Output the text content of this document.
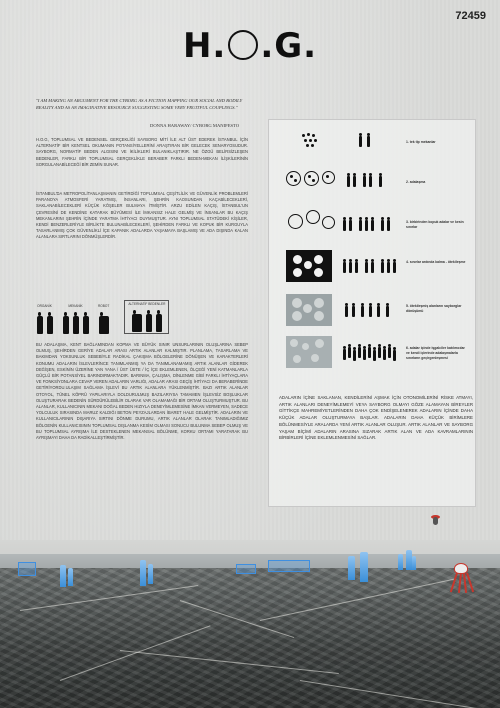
72459
H. .G.
"I AM MAKING AN ARGUMENT FOR THE CYBORG AS A FICTION MAPPING OUR SOCIAL AND BODILY REALITY AND AS AN IMAGINATIVE RESOURCE SUGGESTING SOME VERY FRUITFUL COUPLINGS."
DONNA HARAWAY/ CYBORG MANIFESTO
H.O.G, TOPLUMSAL VE BEDENSEL GERÇEKLİĞİ SAYBORG MİTİ İLE ALT ÜST EDEREK İSTANBUL İÇİN ALTERNATİF BİR KENTSEL OKUMANIN POTANSİYELLERİNİ ARAŞTIRAN BİR GELECEK SENARYOSUDUR. SAYBORG, NORMATİF BEDEN ALGISINI VE İKİLİKLERİ BULANIKLAŞTIRIR. NE ÖZGÜ BELİRSİZLEŞEN BEDENLER, FARKLI BİR TOPLUMSAL GERÇEKLİKLE BERABER FARKLI BEDEN-MEKAN İLİŞKİLERİNİN SORGULANABİLECEĞİ BİR ZEMİN SUNAR.
İSTANBUL'DA METROPOLİTANLAŞMANIN GETİRDİĞİ TOPLUMSAL ÇEŞİTLİLİK VE GÜVENLİK PROBLEMLERİ PARANOYA ATMOSFERİ YARATMIŞ, İNSANLARI, ŞEHRİN KAOSUNDAN KAÇABİLECEKLERİ, SAKLANABİLECEKLERİ KÜÇÜK KÖŞELER BULMAYA İTMİŞTİR. ARZU EDİLEN KAÇIŞ, İSTANBUL'UN ÇEVRESİNİ DE KENDİNE KATARAK BÜYÜMESİ İLE İMKANSIZ HALE GELMİŞ VE İNSANLAR BU KAÇIŞ MEKANLARINI ŞEHRİN İÇİNDE YARATMA İHTİYACI DUYMUŞTUR. AYNI TOPLUMSAL STATÜDEKİ KİŞİLER, KENDİ BENZERLERİYLE BİRLİKTE BULUNABİLECEKLERİ, ŞEHİRDEN FARKLI VE KOPUK BİR KURGUYLA TASARLANMIŞ ÇOK GÜVENLİKLİ İÇE KAPANIK ADALARDA YAŞAMAYA BAŞLAMIŞ VE ADA DIŞINDA KALAN ALANLARA SIRTLARINI DÖNMÜŞLERDİR.
ORGANİK	MEKANİK	ROBOT	ALTERNATİF BEDENLER
BU ADALAŞMA, KENT BAĞLAMINDAN KOPMA VE BÜYÜK SINIR UNSURLARININ OLUŞLARINA SEBEP OLMUŞ, ŞEHİRDEN GERİYE ADALAR ARASI ARTIK ALANLAR KALMIŞTIR. PLANLAMA, TASARLAMA VE BAKIMDAN YOKSUNLUK SEBEBİYLE RADİKAL ÇAKIŞMA BÖLGELERİNE DÖNÜŞEN VE KARAKTERLERİ KONUMU ADALARIN İSLEVLERİNCE TANIMLANMIŞ YA DA TANIMLANAMAMIŞ ARTIK ALANLAR GİDEREK DEĞİŞEN, ESKİNİN ÜZERİNE YAN YANA / ÜST ÜSTE / İÇ İÇE EKLEMLENEN, ÖLÇEĞİ YENİ KATMANLARLA GÜÇLÜ BİR POTANSİYEL BARINDIRMAKTADIR. BARINMA, ÇALIŞMA, DİNLENME GİBİ FARKLI İHTİYAÇLARA VE FONKSİYONLARA CEVAP VEREN ADALARIN VARLIĞI, ADALAR ARASI GEÇİŞ İHTİYACI DA BERABERİNDE GETİRİYORDU.ULAŞIM SAĞLAMA İŞLEVİ BU ARTIK ALANLARA YÜKLENMİŞTİR. BAZI ARTIK ALANLAR OTOYOL, TÜNEL KÖPRÜ YAPILARIYLA DOLDURULMUŞ BAZILARIYSA TAMAMEN İŞLEVSİZ BOŞLUKLAR OLUŞTURARAK BEDENİN SÜRDÜRÜLEBİLİR OLARAK VAR OLAMAMAĞI BİR ORTAM OLUŞTURMUŞTUR. BU ALANLAR, KULLANICININ MEKANI DOĞAL BEDEN HIZIYLA DENEYİMLEMESİNE İMKAN VERMEYEN, SADECE YOLCULUK SIRASINDA MARUZ KALDIĞI BETON PEYZAJLARDAN İBARET HALE GELMİŞTİR. ADALARIN VE KULLANICILARININ DIŞARIYA SIRTINI DÖNME DURUMU, ARTIK ALANLAR OLARAK TANIMLADIĞIMIZ BÖLGENİN KULLANICISININ TOPLUMSAL DIŞLANMA KESİM OLMASI SONUCU BULUNMA SEBEP OLMUŞ VE BU TOPLUMSAL AYRIŞMA İLE DESTEKLENEN MEKANSAL BÖLÜNME, KORKU ORTAMI YARATARAK BU AYRIŞMAYI DAHA DA RADİKALLEŞTİRMİŞTİR.
1. tek tip mekanlar
2. adalaşma
3. birbirinden kopuk adalar ve kesin sınırlar
4. sınırlar ardında kalma - ötekileşme
5. ötekileşmiş alanların sayborglar dönüşümü
6. adalar içinde işgalciler katılımcılar ve kendi içlerinde adalaşmalarla sınırların geçirgenleşmesi
ADALARIN İÇİNE SAKLANAN, KENDİLERİNİ AŞMAK İÇİN OTONOMİLERİNİ RİSKE ATMAYI, ARTIK ALANLARI DENEYİMLEMEYİ VEYA SAYBORG OLMAYI GÖZE ALAMAYAN BİREYLER GİTTİKÇE MAHREMİYETLERİNDEN DAHA ÇOK ENDİŞELENEREK ADALARIN İÇİNDE DAHA KÜÇÜK ADALAR OLUŞTURMAYA BAŞLAR. ADALARIN DAHA KÜÇÜK BİRİMLERE BÖLÜNMESİYLE ARALARDA YENİ ARTIK ALANLAR OLUŞUR. ARTIK ALANLAR VE SAYBORG YAŞAM BİÇİMİ ADALARIN ARASINA SIZARAK ARTIK ALAN VE ADA KAVRAMLARININ BİRBİRLERİ İÇİNE EKLEMLENMESİNİ SAĞLAR.
